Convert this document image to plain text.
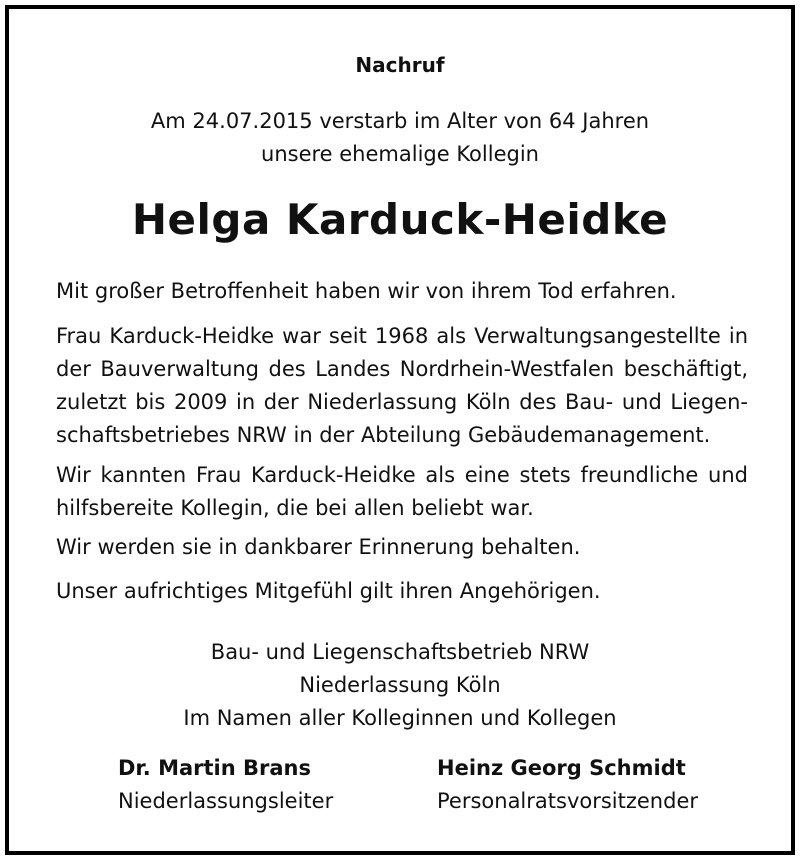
Nachruf
Am 24.07.2015 verstarb im Alter von 64 Jahren
unsere ehemalige Kollegin
Helga Karduck-Heidke
Mit großer Betroffenheit haben wir von ihrem Tod erfahren.
Frau Karduck-Heidke war seit 1968 als Verwaltungsangestellte in der Bauverwaltung des Landes Nordrhein-Westfalen beschäftigt, zuletzt bis 2009 in der Niederlassung Köln des Bau- und Liegenschaftsbetriebes NRW in der Abteilung Gebäudemanagement.
Wir kannten Frau Karduck-Heidke als eine stets freundliche und hilfsbereite Kollegin, die bei allen beliebt war.
Wir werden sie in dankbarer Erinnerung behalten.
Unser aufrichtiges Mitgefühl gilt ihren Angehörigen.
Bau- und Liegenschaftsbetrieb NRW
Niederlassung Köln
Im Namen aller Kolleginnen und Kollegen
Dr. Martin Brans
Niederlassungsleiter
Heinz Georg Schmidt
Personalratsvorsitzender
